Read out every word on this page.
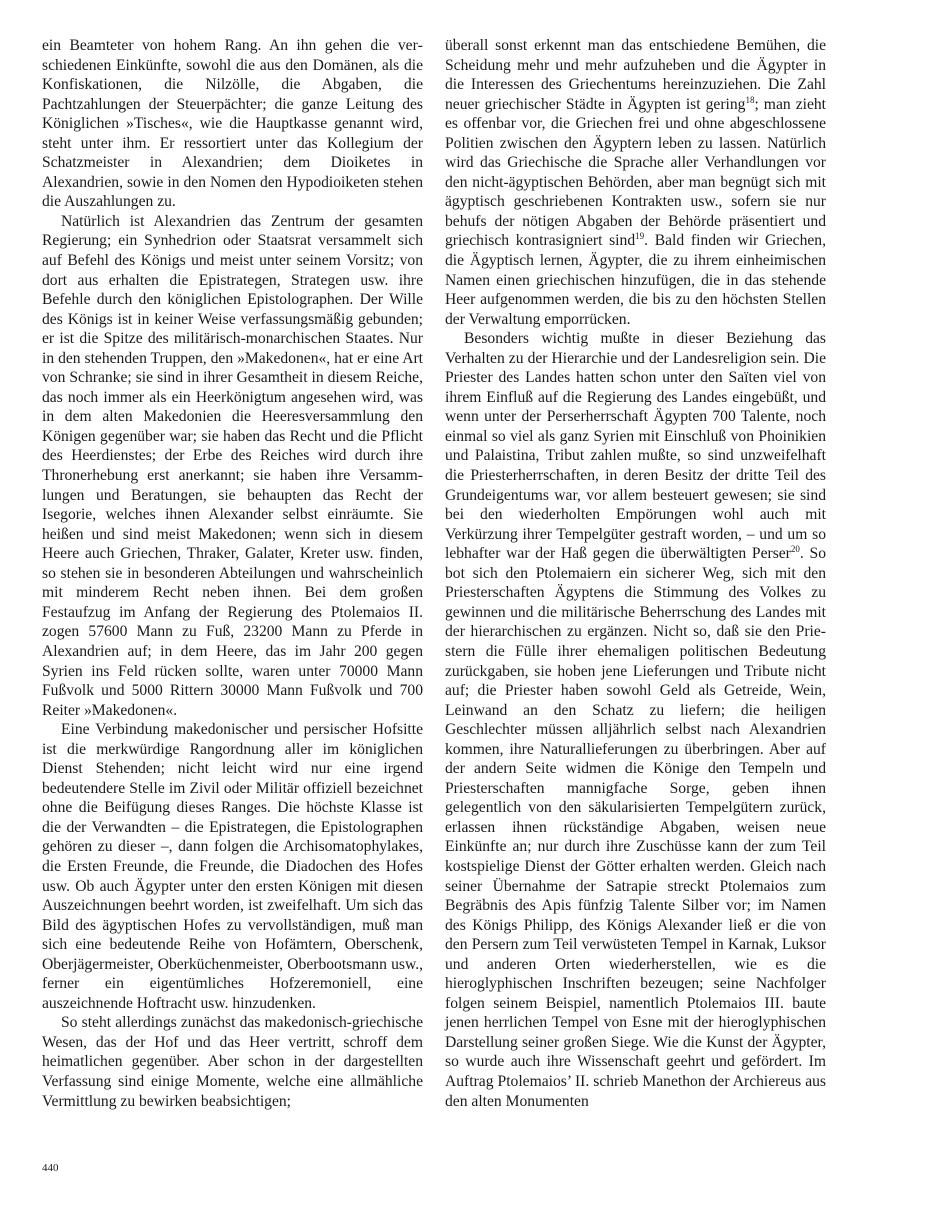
ein Beamteter von hohem Rang. An ihn gehen die verschiedenen Einkünfte, sowohl die aus den Domänen, als die Konfiskationen, die Nilzölle, die Abgaben, die Pachtzahlungen der Steuerpächter; die ganze Leitung des Königlichen »Tisches«, wie die Hauptkasse genannt wird, steht unter ihm. Er ressortiert unter das Kollegium der Schatzmeister in Alexandrien; dem Dioiketes in Alexandrien, sowie in den Nomen den Hypodioiketen stehen die Auszahlungen zu.

Natürlich ist Alexandrien das Zentrum der gesamten Regierung; ein Synhedrion oder Staatsrat versammelt sich auf Befehl des Königs und meist unter seinem Vorsitz; von dort aus erhalten die Epistrategen, Strategen usw. ihre Befehle durch den königlichen Epistolographen. Der Wille des Königs ist in keiner Weise verfassungsmäßig gebunden; er ist die Spitze des militärisch-monarchischen Staates. Nur in den stehenden Truppen, den »Makedonen«, hat er eine Art von Schranke; sie sind in ihrer Gesamtheit in diesem Reiche, das noch immer als ein Heerkönigtum angesehen wird, was in dem alten Makedonien die Heeresversammlung den Königen gegenüber war; sie haben das Recht und die Pflicht des Heerdienstes; der Erbe des Reiches wird durch ihre Thronerhebung erst anerkannt; sie haben ihre Versammlungen und Beratungen, sie behaupten das Recht der Isegorie, welches ihnen Alexander selbst einräumte. Sie heißen und sind meist Makedonen; wenn sich in diesem Heere auch Griechen, Thraker, Galater, Kreter usw. finden, so stehen sie in besonderen Abteilungen und wahrscheinlich mit minderem Recht neben ihnen. Bei dem großen Festaufzug im Anfang der Regierung des Ptolemaios II. zogen 57600 Mann zu Fuß, 23200 Mann zu Pferde in Alexandrien auf; in dem Heere, das im Jahr 200 gegen Syrien ins Feld rücken sollte, waren unter 70000 Mann Fußvolk und 5000 Rittern 30000 Mann Fußvolk und 700 Reiter »Makedonen«.

Eine Verbindung makedonischer und persischer Hofsitte ist die merkwürdige Rangordnung aller im königlichen Dienst Stehenden; nicht leicht wird nur eine irgend bedeutendere Stelle im Zivil oder Militär offiziell bezeichnet ohne die Beifügung dieses Ranges. Die höchste Klasse ist die der Verwandten – die Epistrategen, die Epistolographen gehören zu dieser –, dann folgen die Archisomatophylakes, die Ersten Freunde, die Freunde, die Diadochen des Hofes usw. Ob auch Ägypter unter den ersten Königen mit diesen Auszeichnungen beehrt worden, ist zweifelhaft. Um sich das Bild des ägyptischen Hofes zu vervollständigen, muß man sich eine bedeutende Reihe von Hofämtern, Oberschenk, Oberjägermeister, Oberküchenmeister, Oberbootsmann usw., ferner ein eigentümliches Hofzeremoniell, eine auszeichnende Hoftracht usw. hinzudenken.

So steht allerdings zunächst das makedonisch-griechische Wesen, das der Hof und das Heer vertritt, schroff dem heimatlichen gegenüber. Aber schon in der dargestellten Verfassung sind einige Momente, welche eine allmähliche Vermittlung zu bewirken beabsichtigen;

überall sonst erkennt man das entschiedene Bemühen, die Scheidung mehr und mehr aufzuheben und die Ägypter in die Interessen des Griechentums hereinzuziehen. Die Zahl neuer griechischer Städte in Ägypten ist gering$^{18}$; man zieht es offenbar vor, die Griechen frei und ohne abgeschlossene Politien zwischen den Ägyptern leben zu lassen. Natürlich wird das Griechische die Sprache aller Verhandlungen vor den nicht-ägyptischen Behörden, aber man begnügt sich mit ägyptisch geschriebenen Kontrakten usw., sofern sie nur behufs der nötigen Abgaben der Behörde präsentiert und griechisch kontrasigniert sind$^{19}$. Bald finden wir Griechen, die Ägyptisch lernen, Ägypter, die zu ihrem einheimischen Namen einen griechischen hinzufügen, die in das stehende Heer aufgenommen werden, die bis zu den höchsten Stellen der Verwaltung emporrücken.

Besonders wichtig mußte in dieser Beziehung das Verhalten zu der Hierarchie und der Landesreligion sein. Die Priester des Landes hatten schon unter den Saïten viel von ihrem Einfluß auf die Regierung des Landes eingebüßt, und wenn unter der Perserherrschaft Ägypten 700 Talente, noch einmal so viel als ganz Syrien mit Einschluß von Phoinikien und Palaistina, Tribut zahlen mußte, so sind unzweifelhaft die Priesterherrschaften, in deren Besitz der dritte Teil des Grundeigentums war, vor allem besteuert gewesen; sie sind bei den wiederholten Empörungen wohl auch mit Verkürzung ihrer Tempelgüter gestraft worden, – und um so lebhafter war der Haß gegen die überwältigten Perser$^{20}$. So bot sich den Ptolemaiern ein sicherer Weg, sich mit den Priesterschaften Ägyptens die Stimmung des Volkes zu gewinnen und die militärische Beherrschung des Landes mit der hierarchischen zu ergänzen. Nicht so, daß sie den Priestern die Fülle ihrer ehemaligen politischen Bedeutung zurückgaben, sie hoben jene Lieferungen und Tribute nicht auf; die Priester haben sowohl Geld als Getreide, Wein, Leinwand an den Schatz zu liefern; die heiligen Geschlechter müssen alljährlich selbst nach Alexandrien kommen, ihre Naturallieferungen zu überbringen. Aber auf der andern Seite widmen die Könige den Tempeln und Priesterschaften mannigfache Sorge, geben ihnen gelegentlich von den säkularisierten Tempelgütern zurück, erlassen ihnen rückständige Abgaben, weisen neue Einkünfte an; nur durch ihre Zuschüsse kann der zum Teil kostspielige Dienst der Götter erhalten werden. Gleich nach seiner Übernahme der Satrapie streckt Ptolemaios zum Begräbnis des Apis fünfzig Talente Silber vor; im Namen des Königs Philipp, des Königs Alexander ließ er die von den Persern zum Teil verwüsteten Tempel in Karnak, Luksor und anderen Orten wiederherstellen, wie es die hieroglyphischen Inschriften bezeugen; seine Nachfolger folgen seinem Beispiel, namentlich Ptolemaios III. baute jenen herrlichen Tempel von Esne mit der hieroglyphischen Darstellung seiner großen Siege. Wie die Kunst der Ägypter, so wurde auch ihre Wissenschaft geehrt und gefördert. Im Auftrag Ptolemaios’ II. schrieb Manethon der Archiereus aus den alten Monumenten

440
